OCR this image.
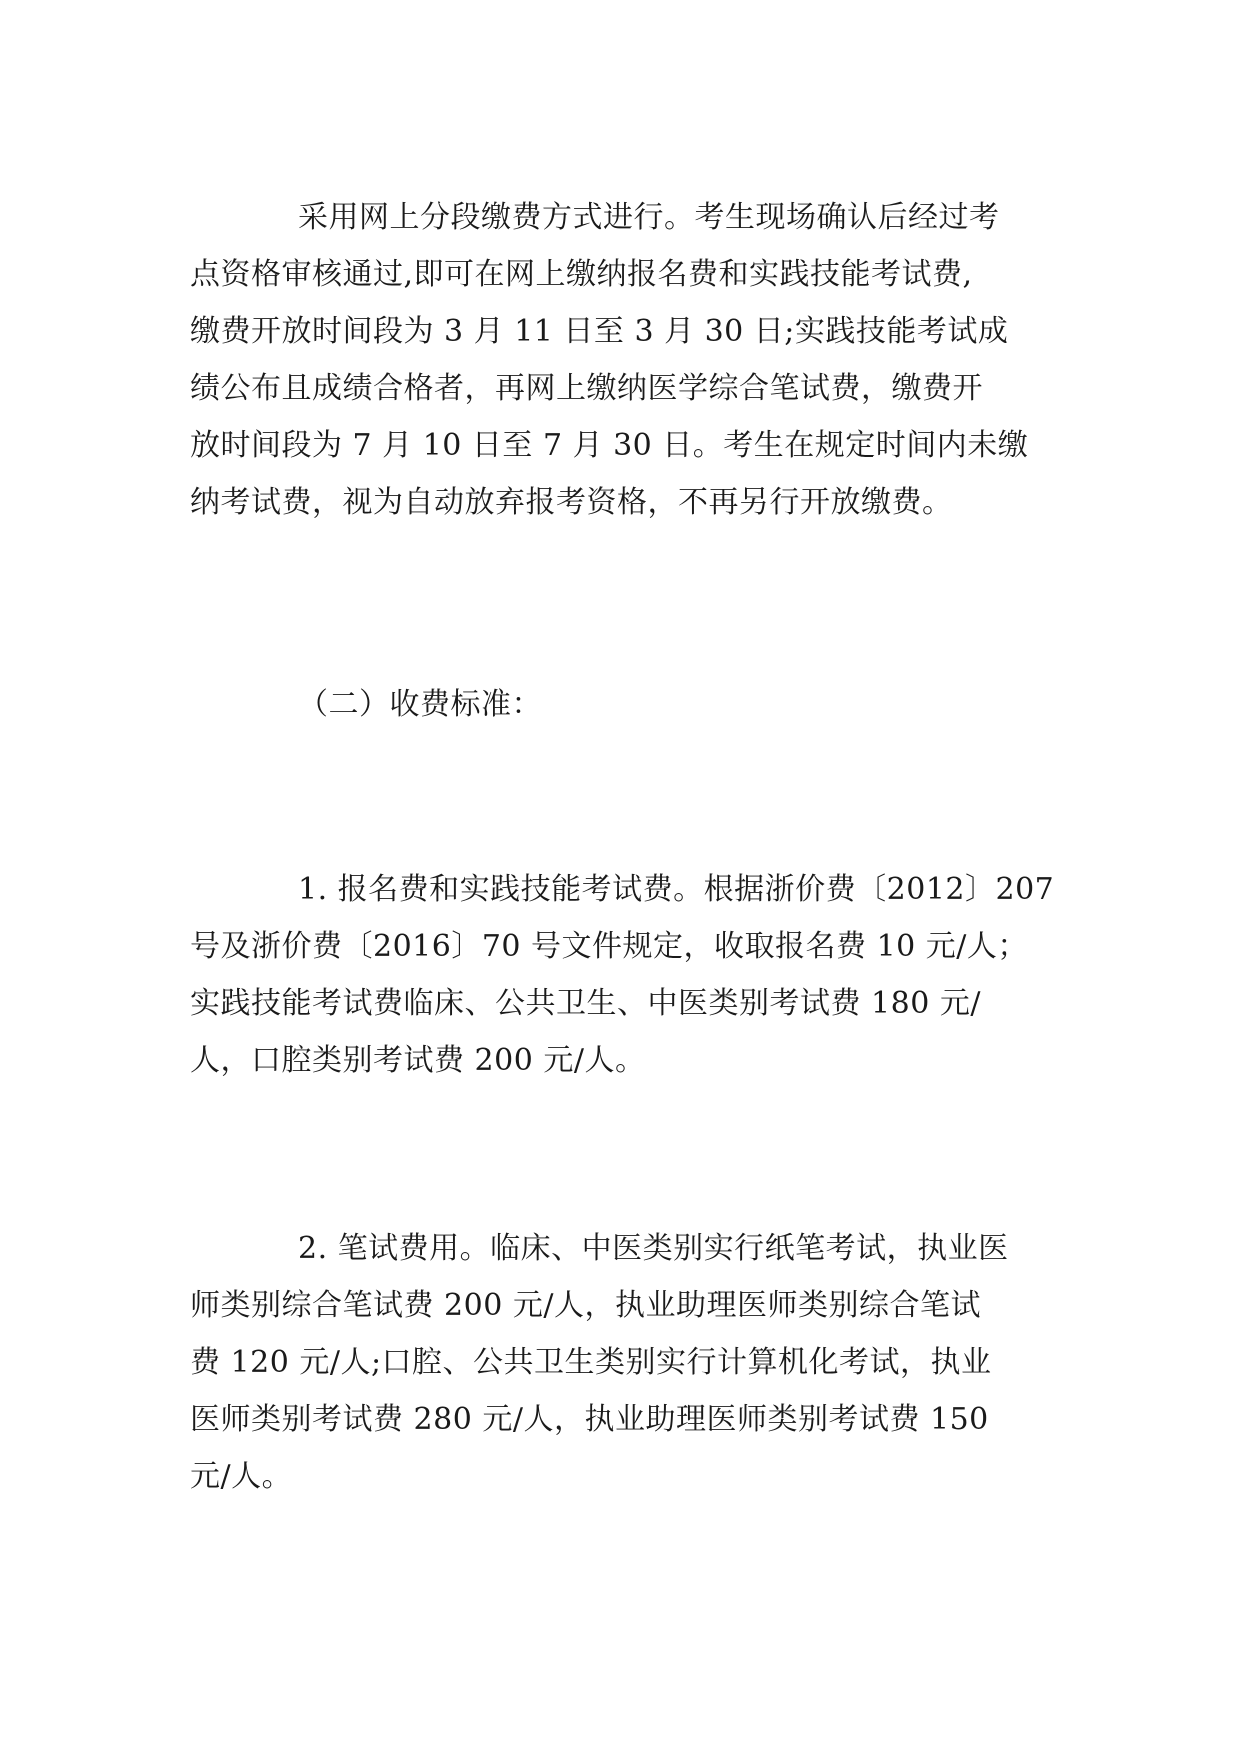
采用网上分段缴费方式进行。考生现场确认后经过考
点资格审核通过,即可在网上缴纳报名费和实践技能考试费,
缴费开放时间段为 3 月 11 日至 3 月 30 日;实践技能考试成
绩公布且成绩合格者，再网上缴纳医学综合笔试费，缴费开
放时间段为 7 月 10 日至 7 月 30 日。考生在规定时间内未缴
纳考试费，视为自动放弃报考资格，不再另行开放缴费。
（二）收费标准：
1. 报名费和实践技能考试费。根据浙价费〔2012〕207
号及浙价费〔2016〕70 号文件规定，收取报名费 10 元/人；
实践技能考试费临床、公共卫生、中医类别考试费 180 元/
人，口腔类别考试费 200 元/人。
2. 笔试费用。临床、中医类别实行纸笔考试，执业医
师类别综合笔试费 200 元/人，执业助理医师类别综合笔试
费 120 元/人;口腔、公共卫生类别实行计算机化考试，执业
医师类别考试费 280 元/人，执业助理医师类别考试费 150
元/人。
